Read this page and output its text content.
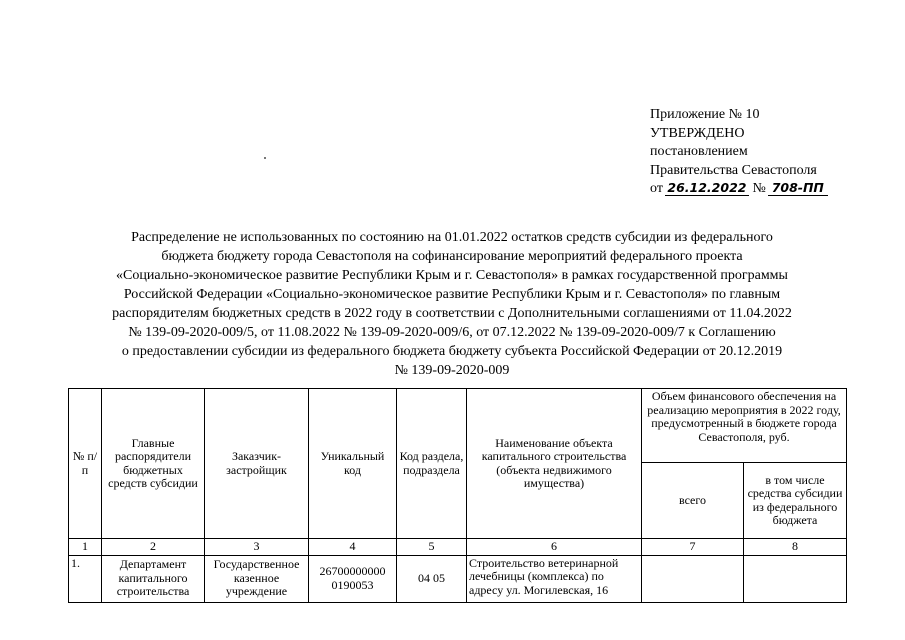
Приложение № 10
УТВЕРЖДЕНО
постановлением
Правительства Севастополя
от 26.12.2022 № 708-ПП
Распределение не использованных по состоянию на 01.01.2022 остатков средств субсидии из федерального
бюджета бюджету города Севастополя на софинансирование мероприятий федерального проекта
«Социально-экономическое развитие Республики Крым и г. Севастополя» в рамках государственной программы
Российской Федерации «Социально-экономическое развитие Республики Крым и г. Севастополя» по главным
распорядителям бюджетных средств в 2022 году в соответствии с Дополнительными соглашениями от 11.04.2022
№ 139-09-2020-009/5, от 11.08.2022 № 139-09-2020-009/6, от 07.12.2022 № 139-09-2020-009/7 к Соглашению
о предоставлении субсидии из федерального бюджета бюджету субъекта Российской Федерации от 20.12.2019
№ 139-09-2020-009
№ п/п	Главные распорядители бюджетных средств субсидии	Заказчик-застройщик	Уникальный код	Код раздела, подраздела	Наименование объекта капитального строительства (объекта недвижимого имущества)	Объем финансового обеспечения на реализацию мероприятия в 2022 году, предусмотренный в бюджете города Севастополя, руб.	
						всего	в том числе средства субсидии из федерального бюджета
1	2	3	4	5	6	7	8
1.	Департамент капитального строительства	Государственное казенное учреждение	26700000000 0190053	04 05	Строительство ветеринарной лечебницы (комплекса) по адресу ул. Могилевская, 16		
